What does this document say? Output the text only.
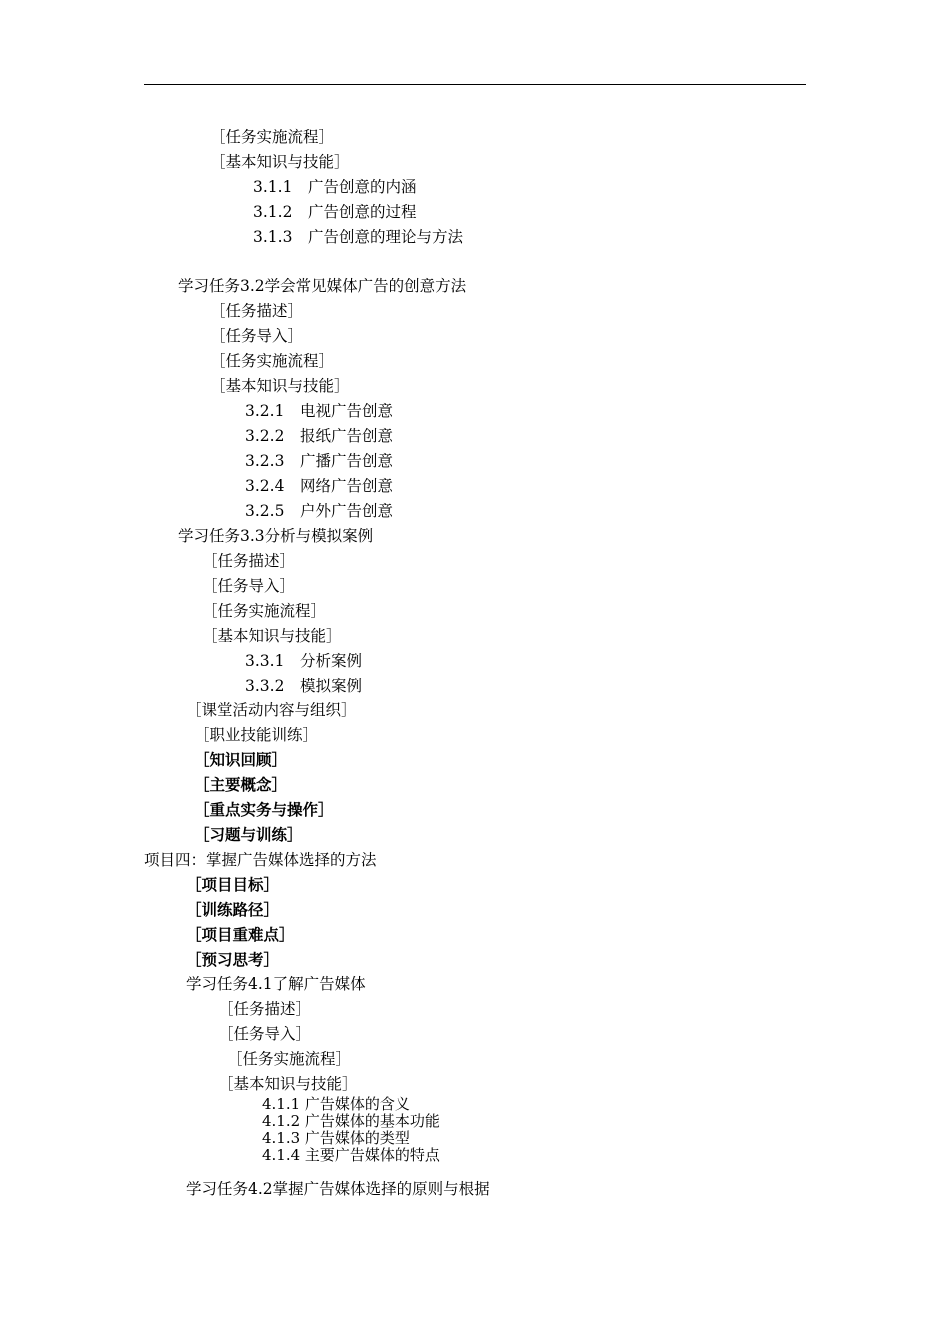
［任务实施流程］
［基本知识与技能］
3.1.1　广告创意的内涵
3.1.2　广告创意的过程
3.1.3　广告创意的理论与方法
学习任务3.2学会常见媒体广告的创意方法
［任务描述］
［任务导入］
［任务实施流程］
［基本知识与技能］
3.2.1　电视广告创意
3.2.2　报纸广告创意
3.2.3　广播广告创意
3.2.4　网络广告创意
3.2.5　户外广告创意
学习任务3.3分析与模拟案例
［任务描述］
［任务导入］
［任务实施流程］
［基本知识与技能］
3.3.1　分析案例
3.3.2　模拟案例
［课堂活动内容与组织］
［职业技能训练］
［知识回顾］
［主要概念］
［重点实务与操作］
［习题与训练］
项目四：掌握广告媒体选择的方法
［项目目标］
［训练路径］
［项目重难点］
［预习思考］
学习任务4.1了解广告媒体
［任务描述］
［任务导入］
［任务实施流程］
［基本知识与技能］
4.1.1 广告媒体的含义
4.1.2 广告媒体的基本功能
4.1.3 广告媒体的类型
4.1.4 主要广告媒体的特点
学习任务4.2掌握广告媒体选择的原则与根据
